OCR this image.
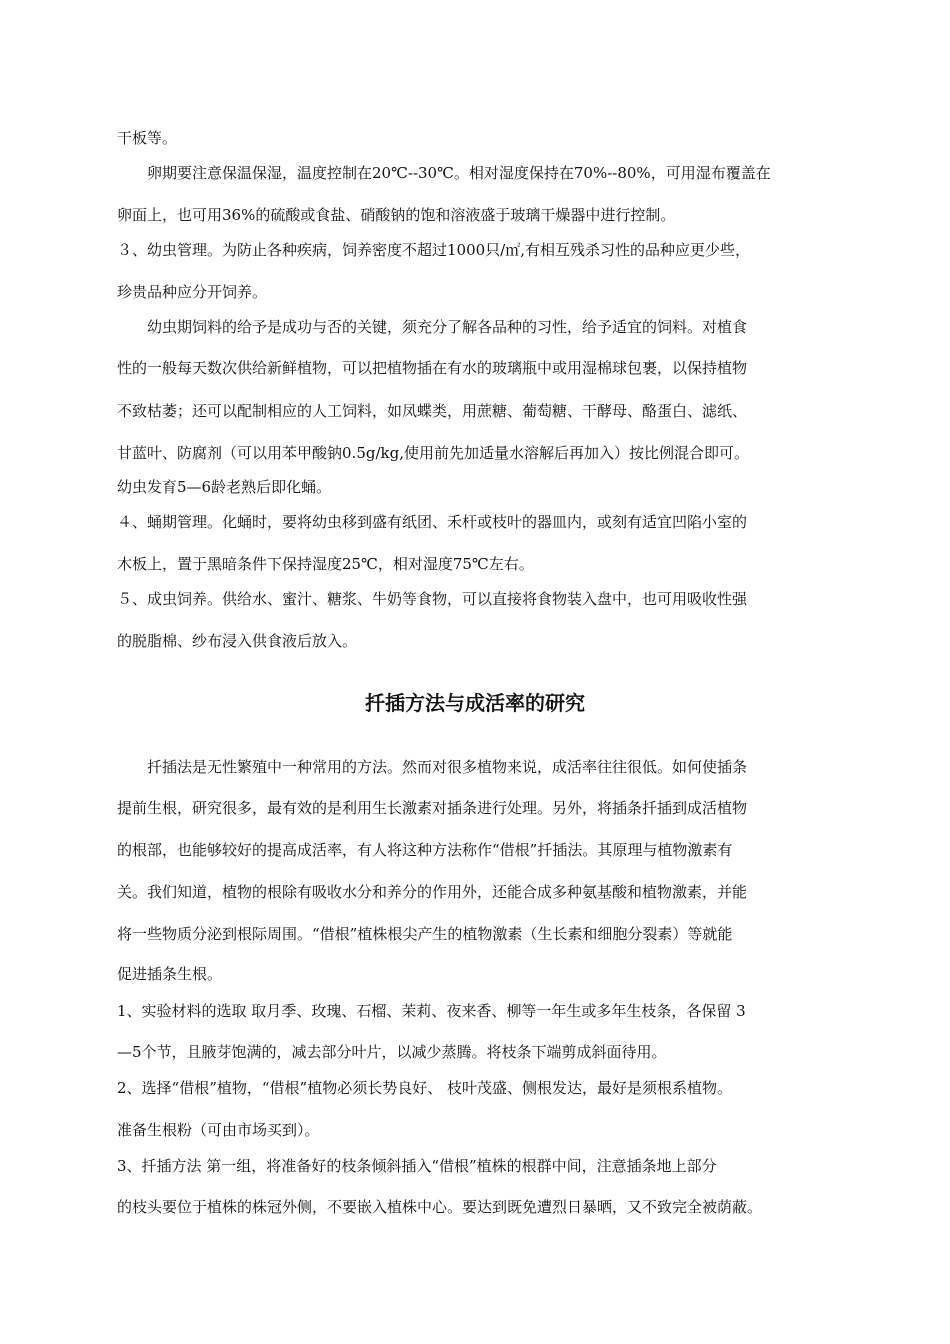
干板等。
卵期要注意保温保湿，温度控制在20℃--30℃。相对湿度保持在70%--80%，可用湿布覆盖在
卵面上，也可用36%的硫酸或食盐、硝酸钠的饱和溶液盛于玻璃干燥器中进行控制。
３、幼虫管理。为防止各种疾病，饲养密度不超过1000只/㎡,有相互残杀习性的品种应更少些，
珍贵品种应分开饲养。
幼虫期饲料的给予是成功与否的关键，须充分了解各品种的习性，给予适宜的饲料。对植食
性的一般每天数次供给新鲜植物，可以把植物插在有水的玻璃瓶中或用湿棉球包裹，以保持植物
不致枯萎；还可以配制相应的人工饲料，如凤蝶类，用蔗糖、葡萄糖、干酵母、酪蛋白、滤纸、
甘蓝叶、防腐剂（可以用苯甲酸钠0.5g/kg,使用前先加适量水溶解后再加入）按比例混合即可。
幼虫发育5—6龄老熟后即化蛹。
４、蛹期管理。化蛹时，要将幼虫移到盛有纸团、禾杆或枝叶的器皿内，或刻有适宜凹陷小室的
木板上，置于黑暗条件下保持湿度25℃，相对湿度75℃左右。
５、成虫饲养。供给水、蜜汁、糖浆、牛奶等食物，可以直接将食物装入盘中，也可用吸收性强
的脱脂棉、纱布浸入供食液后放入。
扦插方法与成活率的研究
扦插法是无性繁殖中一种常用的方法。然而对很多植物来说，成活率往往很低。如何使插条
提前生根，研究很多，最有效的是利用生长激素对插条进行处理。另外，将插条扦插到成活植物
的根部，也能够较好的提高成活率，有人将这种方法称作“借根”扦插法。其原理与植物激素有
关。我们知道，植物的根除有吸收水分和养分的作用外，还能合成多种氨基酸和植物激素，并能
将一些物质分泌到根际周围。“借根”植株根尖产生的植物激素（生长素和细胞分裂素）等就能
促进插条生根。
1、实验材料的选取 取月季、玫瑰、石榴、茉莉、夜来香、柳等一年生或多年生枝条，各保留 3
—5个节，且腋芽饱满的，减去部分叶片，以减少蒸腾。将枝条下端剪成斜面待用。
2、选择“借根”植物，“借根”植物必须长势良好、 枝叶茂盛、侧根发达，最好是须根系植物。
准备生根粉（可由市场买到）。
3、扦插方法 第一组，将准备好的枝条倾斜插入“借根”植株的根群中间，注意插条地上部分
的枝头要位于植株的株冠外侧，不要嵌入植株中心。要达到既免遭烈日暴晒，又不致完全被荫蔽。
